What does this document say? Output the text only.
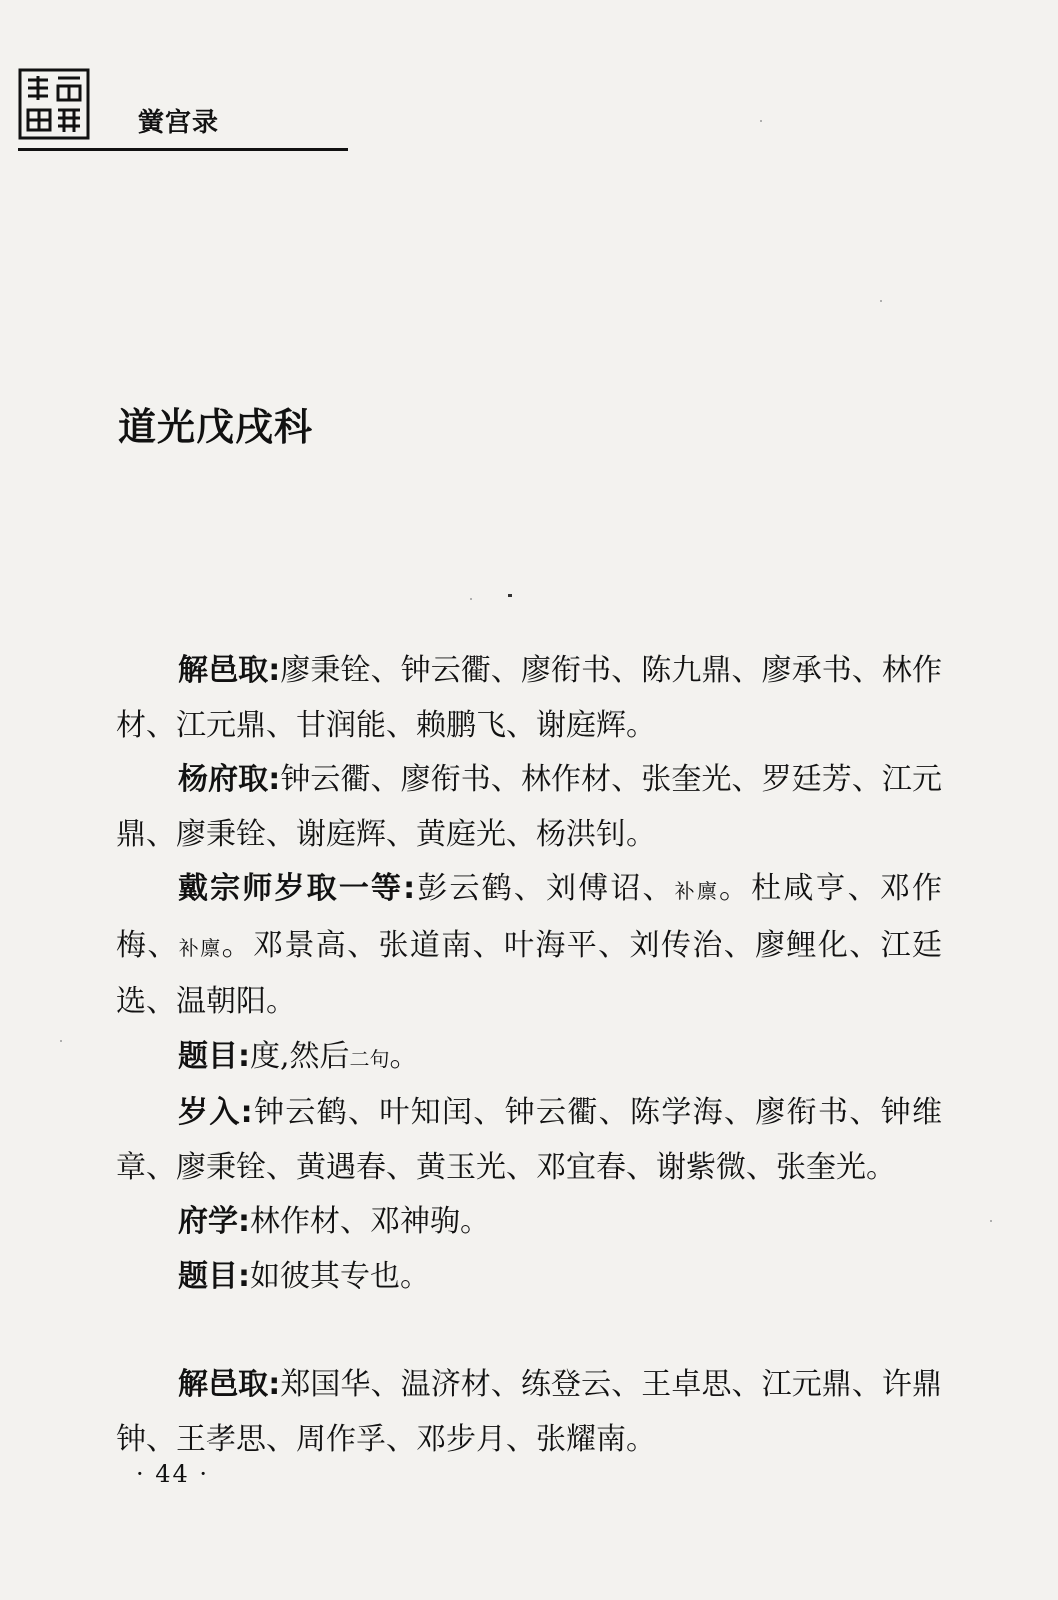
黉宫录
道光戊戌科

解邑取:廖秉铨、钟云衢、廖衔书、陈九鼎、廖承书、林作材、江元鼎、甘润能、赖鹏飞、谢庭辉。

杨府取:钟云衢、廖衔书、林作材、张奎光、罗廷芳、江元鼎、廖秉铨、谢庭辉、黄庭光、杨洪钊。

戴宗师岁取一等:彭云鹤、刘傅诏、补廪。杜咸亨、邓作梅、补廪。邓景高、张道南、叶海平、刘传治、廖鲤化、江廷选、温朝阳。

题目:度,然后二句。

岁入:钟云鹤、叶知闰、钟云衢、陈学海、廖衔书、钟维章、廖秉铨、黄遇春、黄玉光、邓宜春、谢紫微、张奎光。

府学:林作材、邓神驹。

题目:如彼其专也。

解邑取:郑国华、温济材、练登云、王卓思、江元鼎、许鼎钟、王孝思、周作孚、邓步月、张耀南。

· 44 ·
